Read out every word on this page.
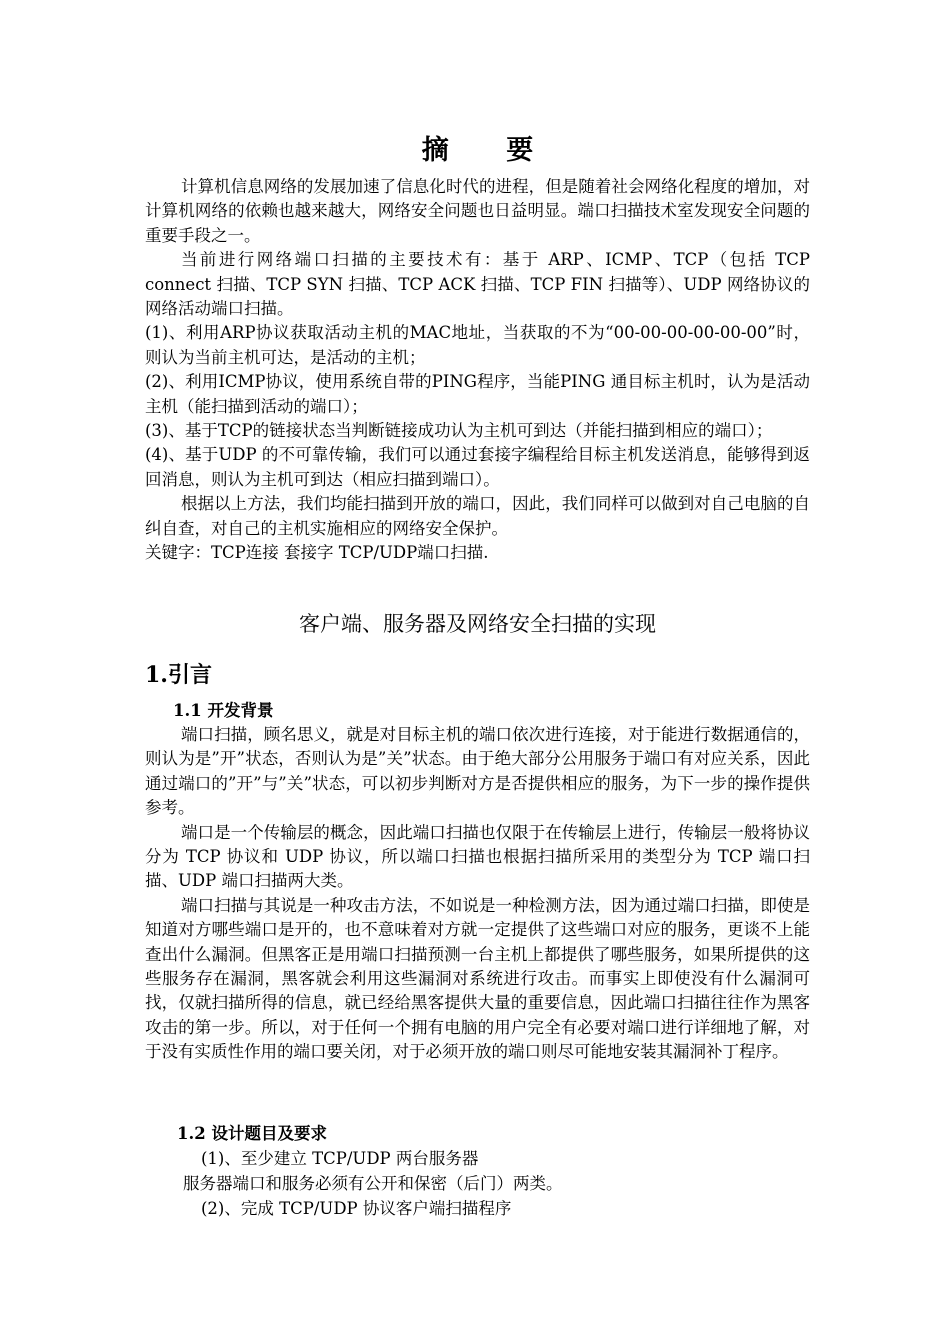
摘 要

计算机信息网络的发展加速了信息化时代的进程，但是随着社会网络化程度的增加，对计算机网络的依赖也越来越大，网络安全问题也日益明显。端口扫描技术室发现安全问题的重要手段之一。

当前进行网络端口扫描的主要技术有：基于 ARP、ICMP、TCP（包括 TCP connect 扫描、TCP SYN 扫描、TCP ACK 扫描、TCP FIN 扫描等）、UDP 网络协议的网络活动端口扫描。

(1)、利用ARP协议获取活动主机的MAC地址，当获取的不为“00-00-00-00-00-00”时，则认为当前主机可达，是活动的主机；

(2)、利用ICMP协议，使用系统自带的PING程序，当能PING 通目标主机时，认为是活动主机（能扫描到活动的端口）；

(3)、基于TCP的链接状态当判断链接成功认为主机可到达（并能扫描到相应的端口）；

(4)、基于UDP 的不可靠传输，我们可以通过套接字编程给目标主机发送消息，能够得到返回消息，则认为主机可到达（相应扫描到端口）。

根据以上方法，我们均能扫描到开放的端口，因此，我们同样可以做到对自己电脑的自纠自查，对自己的主机实施相应的网络安全保护。

关键字：TCP连接 套接字 TCP/UDP端口扫描.

客户端、服务器及网络安全扫描的实现
1.引言
1.1 开发背景

端口扫描，顾名思义，就是对目标主机的端口依次进行连接，对于能进行数据通信的，则认为是”开”状态，否则认为是”关”状态。由于绝大部分公用服务于端口有对应关系，因此通过端口的”开”与”关”状态，可以初步判断对方是否提供相应的服务，为下一步的操作提供参考。

端口是一个传输层的概念，因此端口扫描也仅限于在传输层上进行，传输层一般将协议分为 TCP 协议和 UDP 协议，所以端口扫描也根据扫描所采用的类型分为 TCP 端口扫描、UDP 端口扫描两大类。

端口扫描与其说是一种攻击方法，不如说是一种检测方法，因为通过端口扫描，即使是知道对方哪些端口是开的，也不意味着对方就一定提供了这些端口对应的服务，更谈不上能查出什么漏洞。但黑客正是用端口扫描预测一台主机上都提供了哪些服务，如果所提供的这些服务存在漏洞，黑客就会利用这些漏洞对系统进行攻击。而事实上即使没有什么漏洞可找，仅就扫描所得的信息，就已经给黑客提供大量的重要信息，因此端口扫描往往作为黑客攻击的第一步。所以，对于任何一个拥有电脑的用户完全有必要对端口进行详细地了解，对于没有实质性作用的端口要关闭，对于必须开放的端口则尽可能地安装其漏洞补丁程序。

1.2 设计题目及要求
(1)、至少建立 TCP/UDP 两台服务器
服务器端口和服务必须有公开和保密（后门）两类。
(2)、完成 TCP/UDP 协议客户端扫描程序
